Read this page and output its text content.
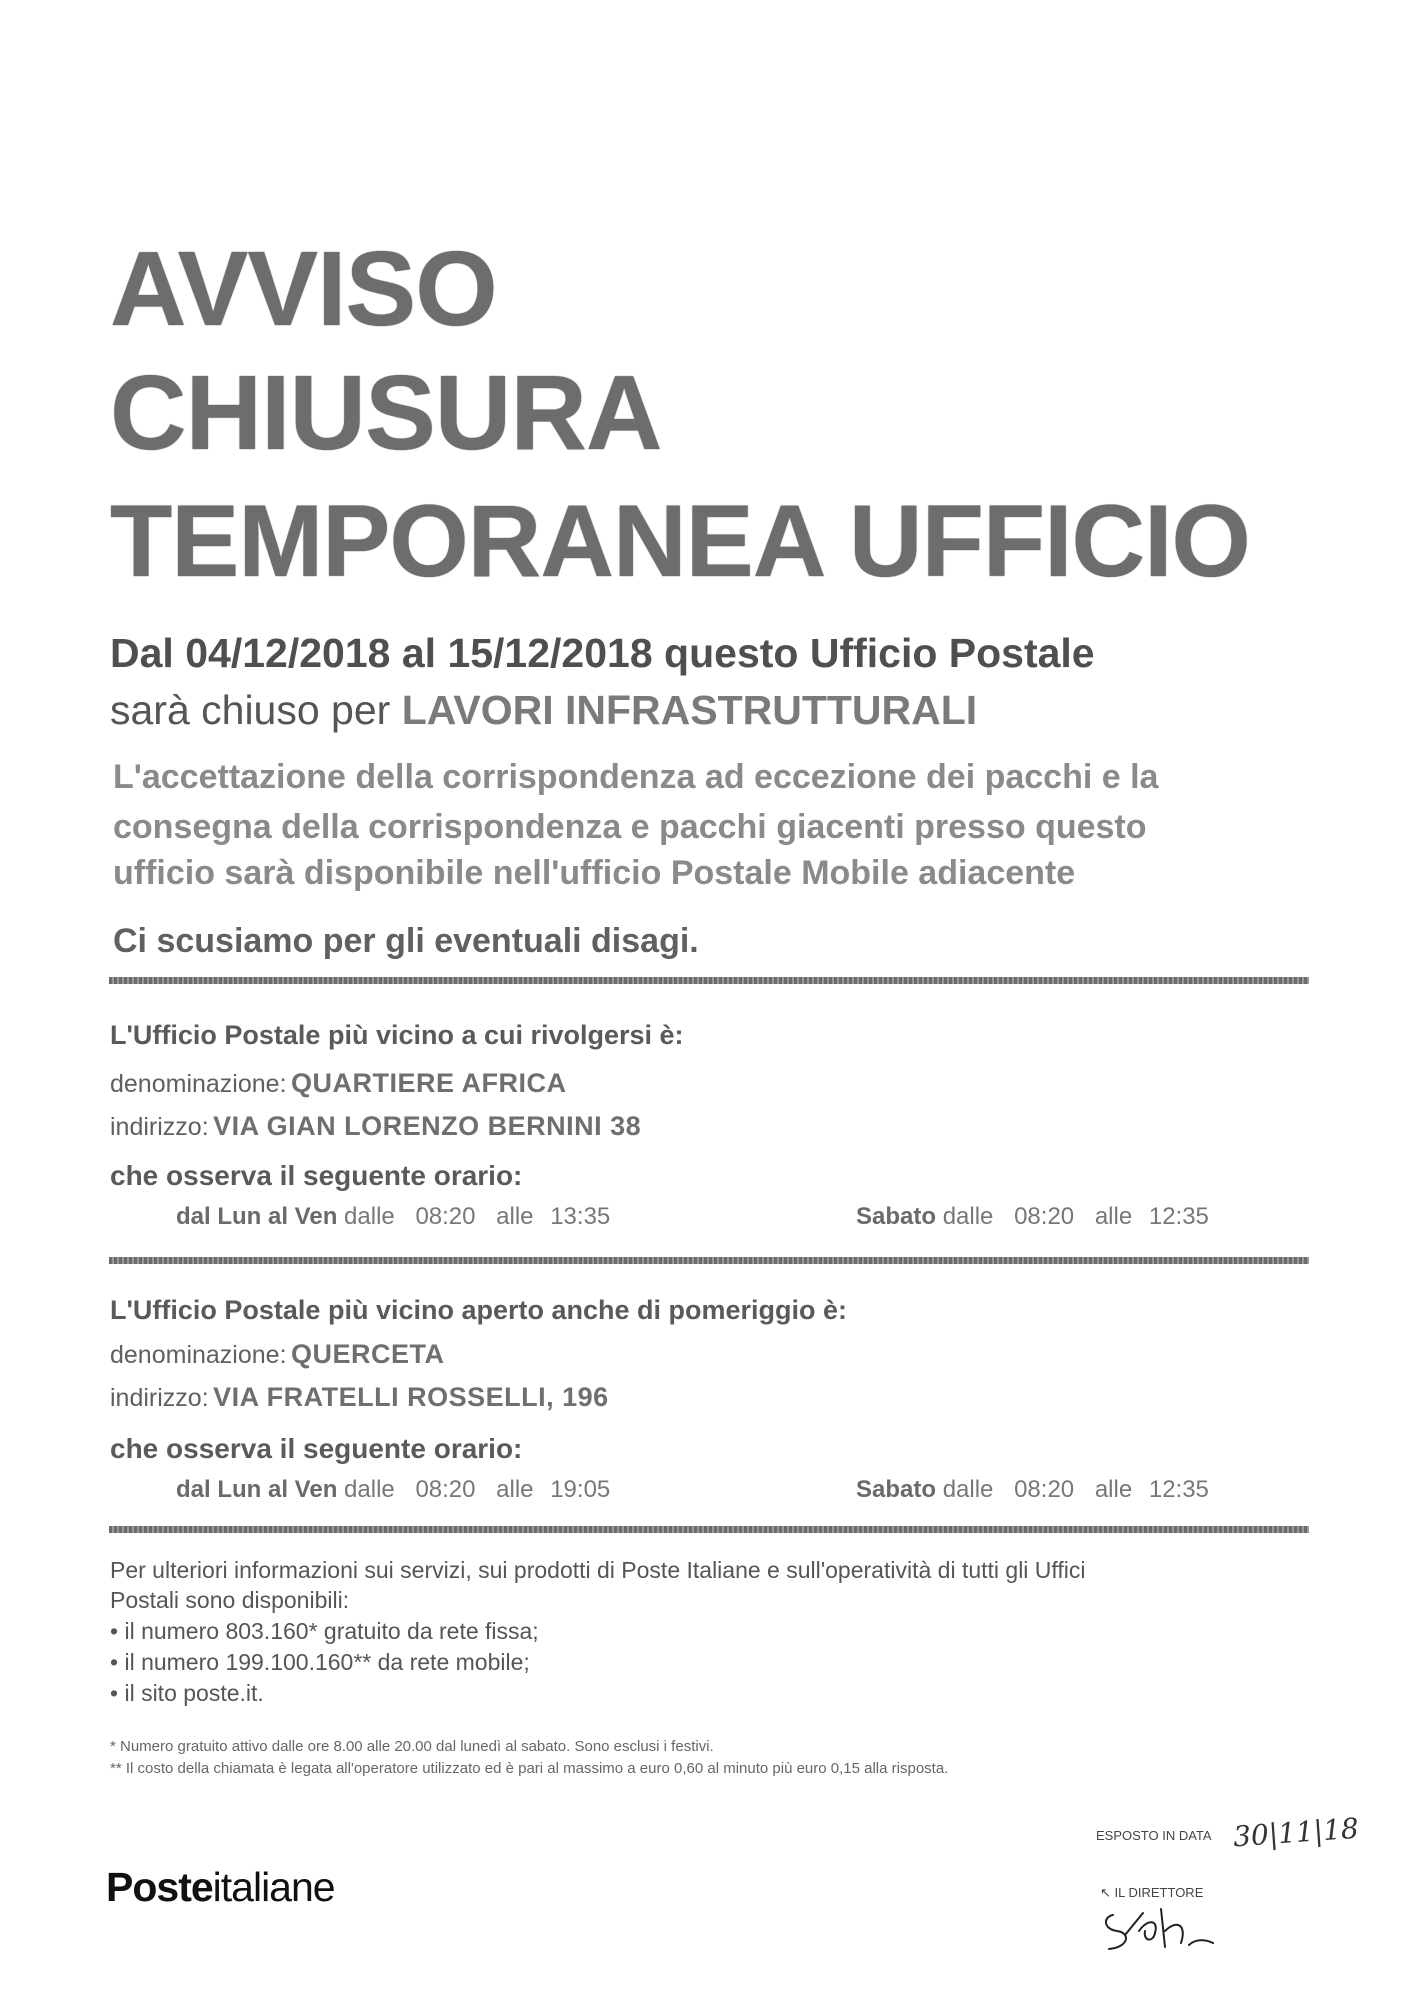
AVVISO
CHIUSURA
TEMPORANEA UFFICIO
Dal 04/12/2018 al 15/12/2018 questo Ufficio Postale
sarà chiuso per LAVORI INFRASTRUTTURALI
L'accettazione della corrispondenza ad eccezione dei pacchi e la
consegna della corrispondenza e pacchi giacenti presso questo
ufficio sarà disponibile nell'ufficio Postale Mobile adiacente
Ci scusiamo per gli eventuali disagi.
L'Ufficio Postale più vicino a cui rivolgersi è:
denominazione: QUARTIERE AFRICA
indirizzo: VIA GIAN LORENZO BERNINI 38
che osserva il seguente orario:
dal Lun al Ven dalle 08:20 alle 13:35	Sabato dalle 08:20 alle 12:35
L'Ufficio Postale più vicino aperto anche di pomeriggio è:
denominazione: QUERCETA
indirizzo: VIA FRATELLI ROSSELLI, 196
che osserva il seguente orario:
dal Lun al Ven dalle 08:20 alle 19:05	Sabato dalle 08:20 alle 12:35
Per ulteriori informazioni sui servizi, sui prodotti di Poste Italiane e sull'operatività di tutti gli Uffici
Postali sono disponibili:
• il numero 803.160* gratuito da rete fissa;
• il numero 199.100.160** da rete mobile;
• il sito poste.it.
* Numero gratuito attivo dalle ore 8.00 alle 20.00 dal lunedì al sabato. Sono esclusi i festivi.
** Il costo della chiamata è legata all'operatore utilizzato ed è pari al massimo a euro 0,60 al minuto più euro 0,15 alla risposta.
Posteitaliane
ESPOSTO IN DATA 30|11|18
↖ IL DIRETTORE
